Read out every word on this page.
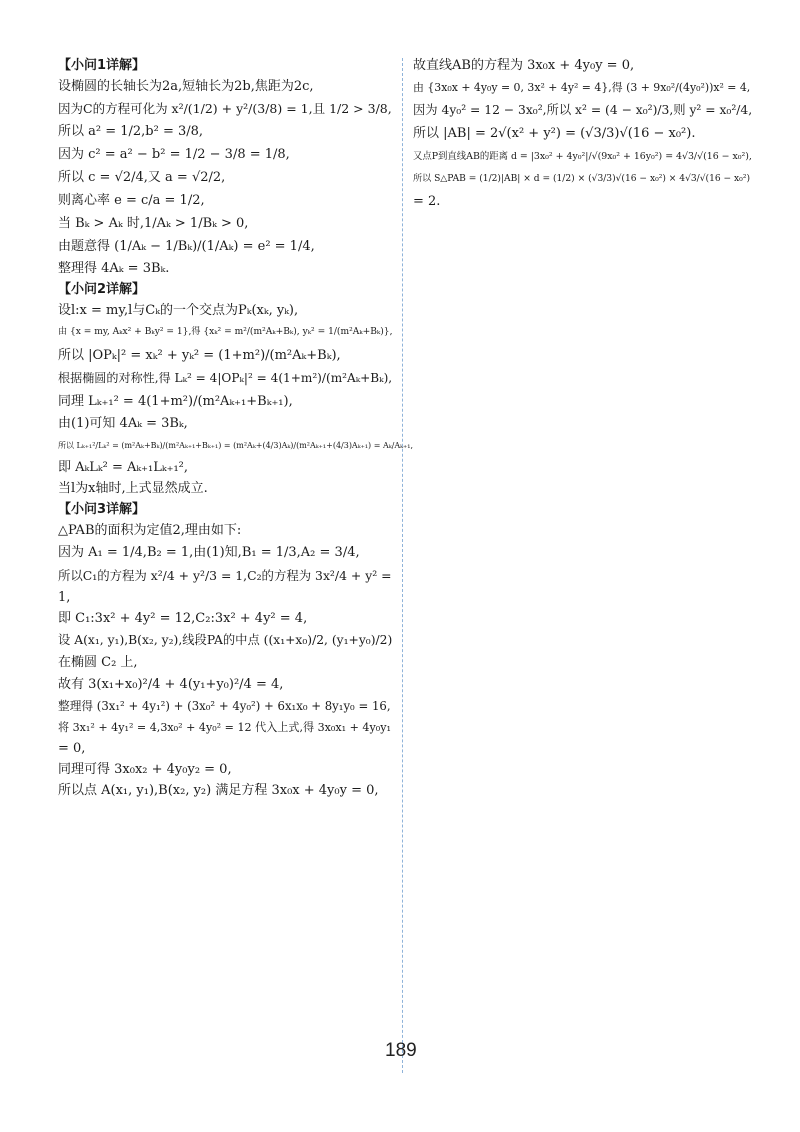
【小问1详解】
设椭圆的长轴长为2a,短轴长为2b,焦距为2c,
因为C的方程可化为 x²/(1/2) + y²/(3/8) = 1,且 1/2 > 3/8,
所以 a² = 1/2,b² = 3/8,
因为 c² = a² − b² = 1/2 − 3/8 = 1/8,
所以 c = √2/4,又 a = √2/2,
则离心率 e = c/a = 1/2,
当 Bₖ > Aₖ 时,1/Aₖ > 1/Bₖ > 0,
由题意得 (1/Aₖ − 1/Bₖ)/(1/Aₖ) = e² = 1/4,
整理得 4Aₖ = 3Bₖ.
【小问2详解】
设l:x = my,l与Cₖ的一个交点为Pₖ(xₖ, yₖ),
由 {x = my, Aₖx² + Bₖy² = 1},得 {xₖ² = m²/(m²Aₖ+Bₖ), yₖ² = 1/(m²Aₖ+Bₖ)},
所以 |OPₖ|² = xₖ² + yₖ² = (1+m²)/(m²Aₖ+Bₖ),
根据椭圆的对称性,得 Lₖ² = 4|OPₖ|² = 4(1+m²)/(m²Aₖ+Bₖ),
同理 Lₖ₊₁² = 4(1+m²)/(m²Aₖ₊₁+Bₖ₊₁),
由(1)可知 4Aₖ = 3Bₖ,
所以 Lₖ₊₁²/Lₖ² = (m²Aₖ+Bₖ)/(m²Aₖ₊₁+Bₖ₊₁) = (m²Aₖ+(4/3)Aₖ)/(m²Aₖ₊₁+(4/3)Aₖ₊₁) = Aₖ/Aₖ₊₁,
即 AₖLₖ² = Aₖ₊₁Lₖ₊₁²,
当l为x轴时,上式显然成立.
【小问3详解】
△PAB的面积为定值2,理由如下:
因为 A₁ = 1/4,B₂ = 1,由(1)知,B₁ = 1/3,A₂ = 3/4,
所以C₁的方程为 x²/4 + y²/3 = 1,C₂的方程为 3x²/4 + y² =
1,
即 C₁:3x² + 4y² = 12,C₂:3x² + 4y² = 4,
设 A(x₁, y₁),B(x₂, y₂),线段PA的中点 ((x₁+x₀)/2, (y₁+y₀)/2)
在椭圆 C₂ 上,
故有 3(x₁+x₀)²/4 + 4(y₁+y₀)²/4 = 4,
整理得 (3x₁² + 4y₁²) + (3x₀² + 4y₀²) + 6x₁x₀ + 8y₁y₀ = 16,
将 3x₁² + 4y₁² = 4,3x₀² + 4y₀² = 12 代入上式,得 3x₀x₁ + 4y₀y₁
= 0,
同理可得 3x₀x₂ + 4y₀y₂ = 0,
所以点 A(x₁, y₁),B(x₂, y₂) 满足方程 3x₀x + 4y₀y = 0,
故直线AB的方程为 3x₀x + 4y₀y = 0,
由 {3x₀x + 4y₀y = 0, 3x² + 4y² = 4},得 (3 + 9x₀²/(4y₀²))x² = 4,
因为 4y₀² = 12 − 3x₀²,所以 x² = (4 − x₀²)/3,则 y² = x₀²/4,
所以 |AB| = 2√(x² + y²) = (√3/3)√(16 − x₀²).
又点P到直线AB的距离 d = |3x₀² + 4y₀²|/√(9x₀² + 16y₀²) = 4√3/√(16 − x₀²),
所以 S△PAB = (1/2)|AB| × d = (1/2) × (√3/3)√(16 − x₀²) × 4√3/√(16 − x₀²)
= 2.
189
